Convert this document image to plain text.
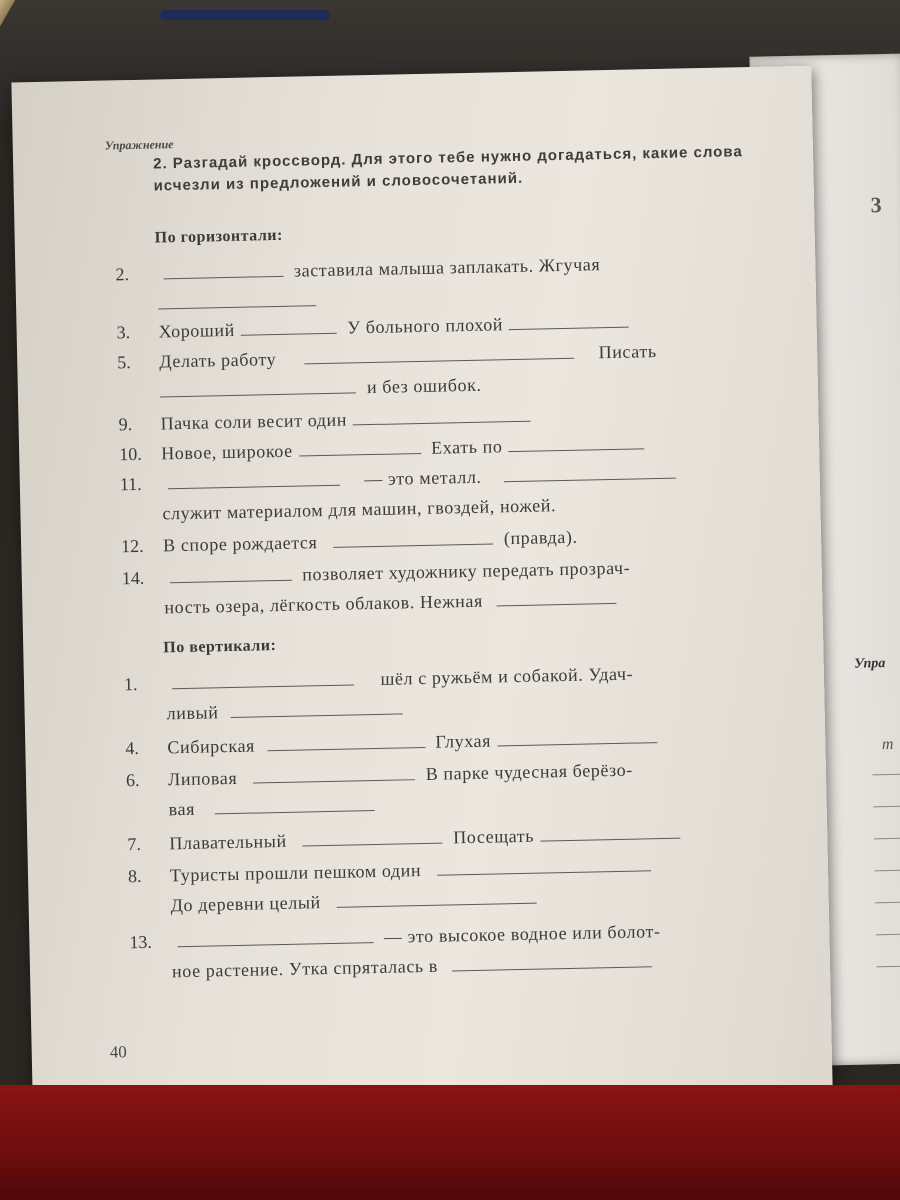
3
Упра
т
Упражнение
2. Разгадай кроссворд. Для этого тебе нужно догадаться, какие слова исчезли из предложений и словосочетаний.
По горизонтали:
2.	заставила малыша заплакать. Жгучая
3. Хороший	У больного плохой
5. Делать работу	Писать
и без ошибок.
9. Пачка соли весит один
10. Новое, широкое	Ехать по
11.	— это металл.
служит материалом для машин, гвоздей, ножей.
12. В споре рождается	(правда).
14.	позволяет художнику передать прозрач-
ность озера, лёгкость облаков. Нежная
По вертикали:
1.	шёл с ружьём и собакой. Удач-
ливый
4. Сибирская	Глухая
6. Липовая	В парке чудесная берёзо-
вая
7. Плавательный	Посещать
8. Туристы прошли пешком один
До деревни целый
13.	— это высокое водное или болот-
ное растение. Утка спряталась в
40
